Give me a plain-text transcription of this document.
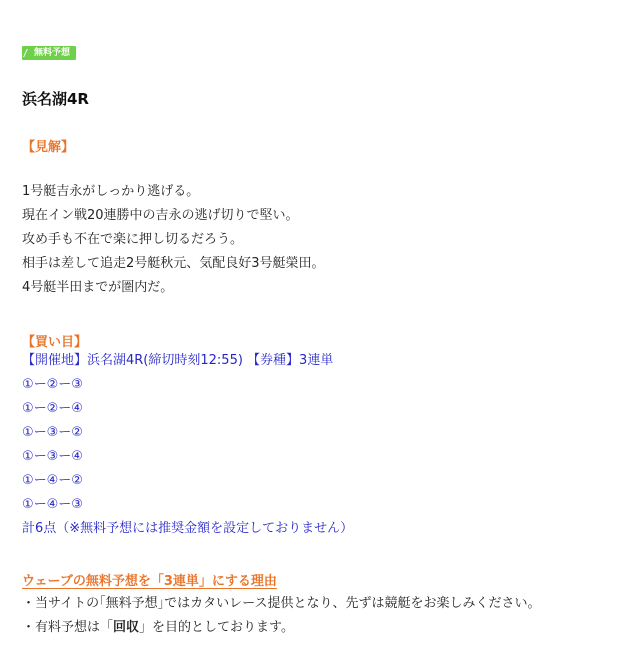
無料予想
浜名湖4R
【見解】
1号艇吉永がしっかり逃げる。
現在イン戦20連勝中の吉永の逃げ切りで堅い。
攻め手も不在で楽に押し切るだろう。
相手は差して追走2号艇秋元、気配良好3号艇榮田。
4号艇半田までが圏内だ。
【買い目】
【開催地】浜名湖4R(締切時刻12:55) 【券種】3連単
①ー②ー③
①ー②ー④
①ー③ー②
①ー③ー④
①ー④ー②
①ー④ー③
計6点（※無料予想には推奨金額を設定しておりません）
ウェーブの無料予想を「3連単」にする理由
・当サイトの｢無料予想｣ではカタいレース提供となり、先ずは競艇をお楽しみください。
・有料予想は「回収」を目的としております。
